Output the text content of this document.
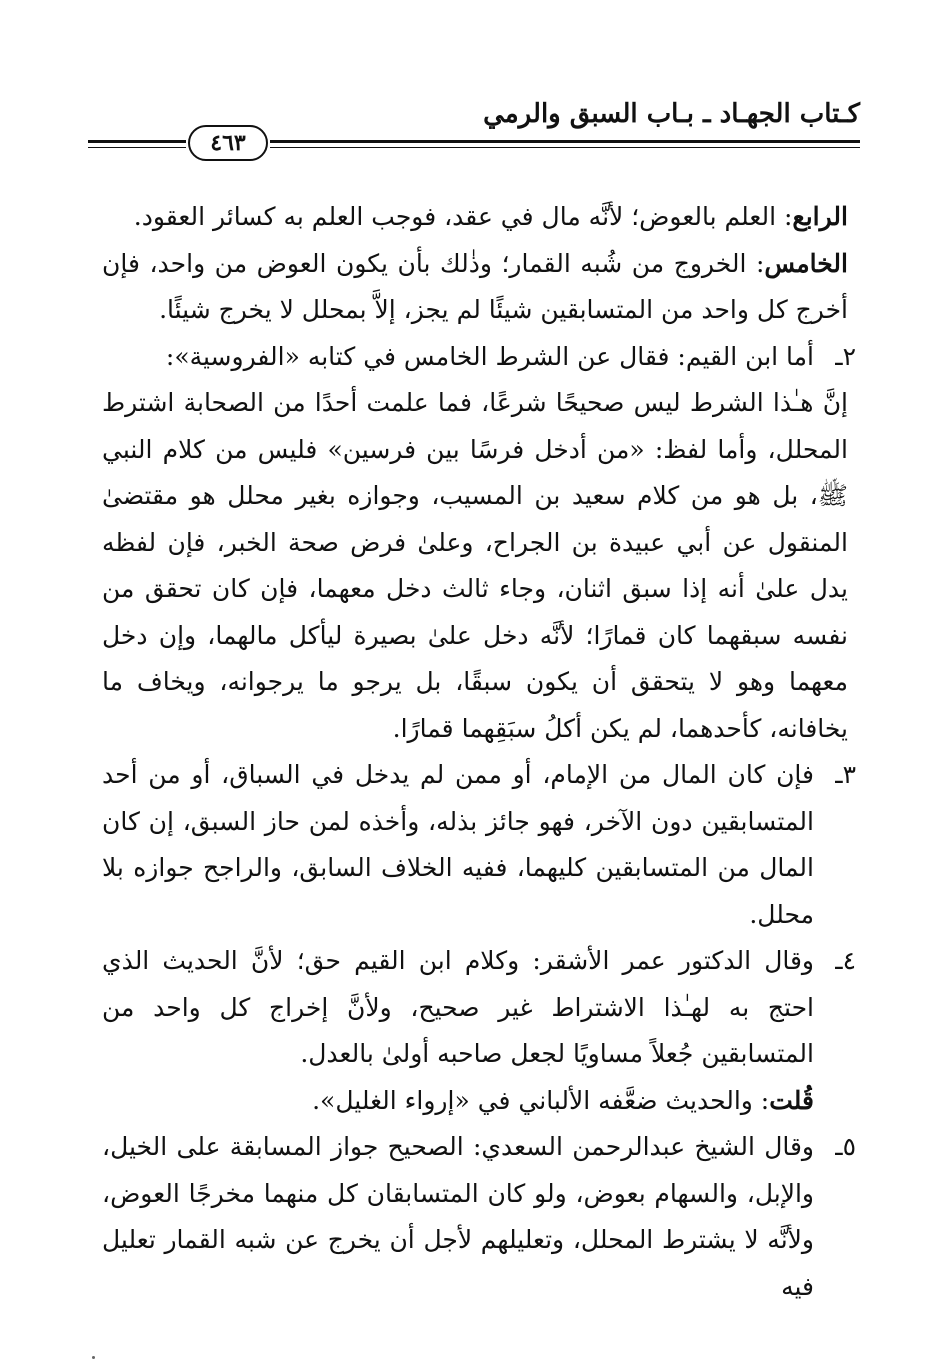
كـتاب الجهـاد ـ بـاب السبق والرمي
٤٦٣

الرابع: العلم بالعوض؛ لأنَّه مال في عقد، فوجب العلم به كسائر العقود.

الخامس: الخروج من شُبه القمار؛ وذٰلك بأن يكون العوض من واحد، فإن أخرج كل واحد من المتسابقين شيئًا لم يجز، إلاَّ بمحلل لا يخرج شيئًا.

٢ـ

أما ابن القيم: فقال عن الشرط الخامس في كتابه «الفروسية»:

إنَّ هـٰذا الشرط ليس صحيحًا شرعًا، فما علمت أحدًا من الصحابة اشترط المحلل، وأما لفظ: «من أدخل فرسًا بين فرسين» فليس من كلام النبي ﷺ، بل هو من كلام سعيد بن المسيب، وجوازه بغير محلل هو مقتضىٰ المنقول عن أبي عبيدة بن الجراح، وعلىٰ فرض صحة الخبر، فإن لفظه يدل علىٰ أنه إذا سبق اثنان، وجاء ثالث دخل معهما، فإن كان تحقق من نفسه سبقهما كان قمارًا؛ لأنَّه دخل علىٰ بصيرة ليأكل مالهما، وإن دخل معهما وهو لا يتحقق أن يكون سبقًا، بل يرجو ما يرجوانه، ويخاف ما يخافانه، كأحدهما، لم يكن أكلُ سبَقِهما قمارًا.

٣ـ

فإن كان المال من الإمام، أو ممن لم يدخل في السباق، أو من أحد المتسابقين دون الآخر، فهو جائز بذله، وأخذه لمن حاز السبق، إن كان المال من المتسابقين كليهما، ففيه الخلاف السابق، والراجح جوازه بلا محلل.

٤ـ

وقال الدكتور عمر الأشقر: وكلام ابن القيم حق؛ لأنَّ الحديث الذي احتج به لهـٰذا الاشتراط غير صحيح، ولأنَّ إخراج كل واحد من المتسابقين جُعلاً مساويًا لجعل صاحبه أولىٰ بالعدل.

قُلت: والحديث ضعَّفه الألباني في «إرواء الغليل».

٥ـ

وقال الشيخ عبدالرحمن السعدي: الصحيح جواز المسابقة على الخيل، والإبل، والسهام بعوض، ولو كان المتسابقان كل منهما مخرجًا العوض، ولأنَّه لا يشترط المحلل، وتعليلهم لأجل أن يخرج عن شبه القمار تعليل فيه
